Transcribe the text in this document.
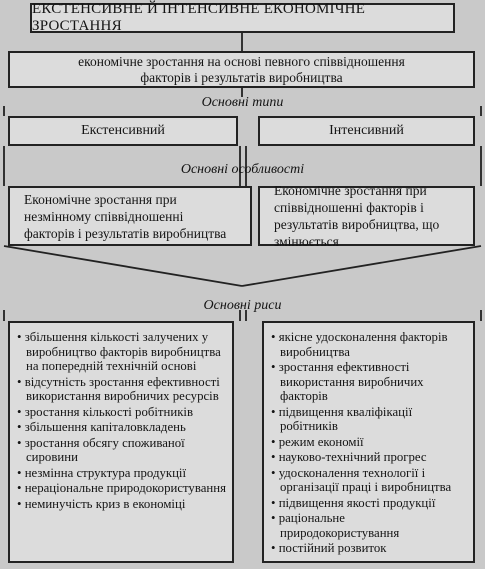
ЕКСТЕНСИВНЕ Й ІНТЕНСИВНЕ ЕКОНОМІЧНЕ ЗРОСТАННЯ
економічне зростання на основі певного співвідношення факторів і результатів виробництва
Основні типи
Екстенсивний	Інтенсивний
Основні особливості
Економічне зростання при незмінному співвідношенні факторів і результатів виробництва
Економічне зростання при співвідношенні факторів і результатів виробництва, що змінюється
Основні риси
• збільшення кількості залучених у виробництво факторів виробництва на попередній технічній основі
• відсутність зростання ефективності використання виробничих ресурсів
• зростання кількості робітників
• збільшення капіталовкладень
• зростання обсягу споживаної сировини
• незмінна структура продукції
• нераціональне природокористування
• неминучість криз в економіці
• якісне удосконалення факторів виробництва
• зростання ефективності використання виробничих факторів
• підвищення кваліфікації робітників
• режим економії
• науково-технічний прогрес
• удосконалення технології і організації праці і виробництва
• підвищення якості продукції
• раціональне природокористування
• постійний розвиток
